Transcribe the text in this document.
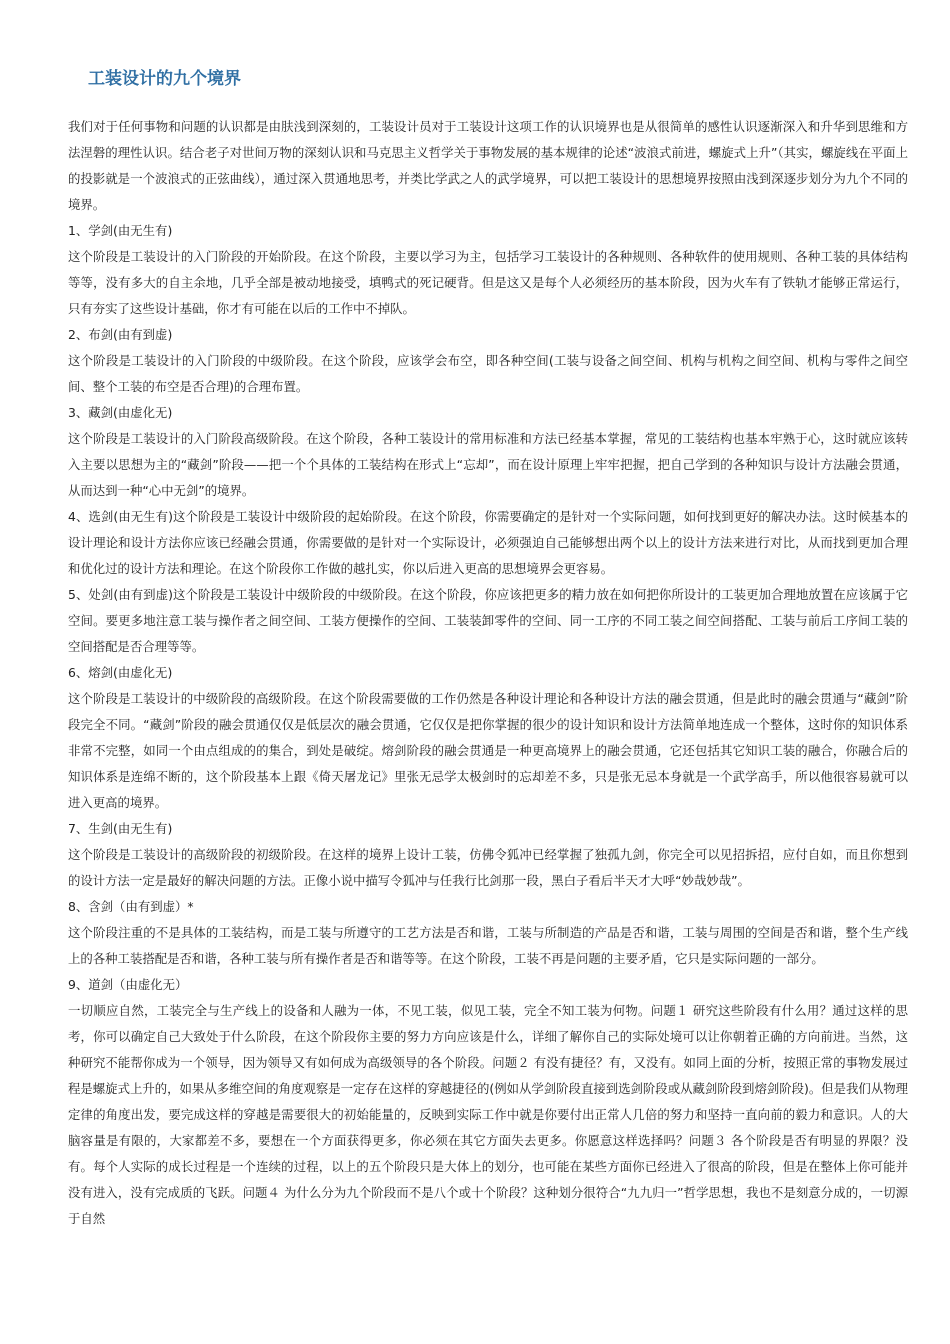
工装设计的九个境界

我们对于任何事物和问题的认识都是由肤浅到深刻的，工装设计员对于工装设计这项工作的认识境界也是从很简单的感性认识逐渐深入和升华到思维和方法涅磐的理性认识。结合老子对世间万物的深刻认识和马克思主义哲学关于事物发展的基本规律的论述“波浪式前进，螺旋式上升”（其实，螺旋线在平面上的投影就是一个波浪式的正弦曲线），通过深入贯通地思考，并类比学武之人的武学境界，可以把工装设计的思想境界按照由浅到深逐步划分为九个不同的境界。

1、学剑(由无生有)

这个阶段是工装设计的入门阶段的开始阶段。在这个阶段，主要以学习为主，包括学习工装设计的各种规则、各种软件的使用规则、各种工装的具体结构等等，没有多大的自主余地，几乎全部是被动地接受，填鸭式的死记硬背。但是这又是每个人必须经历的基本阶段，因为火车有了铁轨才能够正常运行，只有夯实了这些设计基础，你才有可能在以后的工作中不掉队。

2、布剑(由有到虚)

这个阶段是工装设计的入门阶段的中级阶段。在这个阶段，应该学会布空，即各种空间(工装与设备之间空间、机构与机构之间空间、机构与零件之间空间、整个工装的布空是否合理)的合理布置。

3、藏剑(由虚化无)

这个阶段是工装设计的入门阶段高级阶段。在这个阶段，各种工装设计的常用标准和方法已经基本掌握，常见的工装结构也基本牢熟于心，这时就应该转入主要以思想为主的“藏剑”阶段——把一个个具体的工装结构在形式上“忘却”，而在设计原理上牢牢把握，把自己学到的各种知识与设计方法融会贯通，从而达到一种“心中无剑”的境界。

4、选剑(由无生有)这个阶段是工装设计中级阶段的起始阶段。在这个阶段，你需要确定的是针对一个实际问题，如何找到更好的解决办法。这时候基本的设计理论和设计方法你应该已经融会贯通，你需要做的是针对一个实际设计，必须强迫自己能够想出两个以上的设计方法来进行对比，从而找到更加合理和优化过的设计方法和理论。在这个阶段你工作做的越扎实，你以后进入更高的思想境界会更容易。

5、处剑(由有到虚)这个阶段是工装设计中级阶段的中级阶段。在这个阶段，你应该把更多的精力放在如何把你所设计的工装更加合理地放置在应该属于它空间。要更多地注意工装与操作者之间空间、工装方便操作的空间、工装装卸零件的空间、同一工序的不同工装之间空间搭配、工装与前后工序间工装的空间搭配是否合理等等。

6、熔剑(由虚化无)

这个阶段是工装设计的中级阶段的高级阶段。在这个阶段需要做的工作仍然是各种设计理论和各种设计方法的融会贯通，但是此时的融会贯通与“藏剑”阶段完全不同。“藏剑”阶段的融会贯通仅仅是低层次的融会贯通，它仅仅是把你掌握的很少的设计知识和设计方法简单地连成一个整体，这时你的知识体系非常不完整，如同一个由点组成的的集合，到处是破绽。熔剑阶段的融会贯通是一种更高境界上的融会贯通，它还包括其它知识工装的融合，你融合后的知识体系是连绵不断的，这个阶段基本上跟《倚天屠龙记》里张无忌学太极剑时的忘却差不多，只是张无忌本身就是一个武学高手，所以他很容易就可以进入更高的境界。

7、生剑(由无生有)

这个阶段是工装设计的高级阶段的初级阶段。在这样的境界上设计工装，仿佛令狐冲已经掌握了独孤九剑，你完全可以见招拆招，应付自如，而且你想到的设计方法一定是最好的解决问题的方法。正像小说中描写令狐冲与任我行比剑那一段，黑白子看后半天才大呼“妙哉妙哉”。

8、含剑（由有到虚）*

这个阶段注重的不是具体的工装结构，而是工装与所遵守的工艺方法是否和谐，工装与所制造的产品是否和谐，工装与周围的空间是否和谐，整个生产线上的各种工装搭配是否和谐，各种工装与所有操作者是否和谐等等。在这个阶段，工装不再是问题的主要矛盾，它只是实际问题的一部分。

9、道剑（由虚化无）

一切顺应自然，工装完全与生产线上的设备和人融为一体，不见工装，似见工装，完全不知工装为何物。问题１ 研究这些阶段有什么用？通过这样的思考，你可以确定自己大致处于什么阶段，在这个阶段你主要的努力方向应该是什么，详细了解你自己的实际处境可以让你朝着正确的方向前进。当然，这种研究不能帮你成为一个领导，因为领导又有如何成为高级领导的各个阶段。问题２ 有没有捷径？有，又没有。如同上面的分析，按照正常的事物发展过程是螺旋式上升的，如果从多维空间的角度观察是一定存在这样的穿越捷径的(例如从学剑阶段直接到选剑阶段或从藏剑阶段到熔剑阶段)。但是我们从物理定律的角度出发，要完成这样的穿越是需要很大的初始能量的，反映到实际工作中就是你要付出正常人几倍的努力和坚持一直向前的毅力和意识。人的大脑容量是有限的，大家都差不多，要想在一个方面获得更多，你必须在其它方面失去更多。你愿意这样选择吗？问题３ 各个阶段是否有明显的界限？没有。每个人实际的成长过程是一个连续的过程，以上的五个阶段只是大体上的划分，也可能在某些方面你已经进入了很高的阶段，但是在整体上你可能并没有进入，没有完成质的飞跃。问题４ 为什么分为九个阶段而不是八个或十个阶段？这种划分很符合“九九归一”哲学思想，我也不是刻意分成的，一切源于自然
